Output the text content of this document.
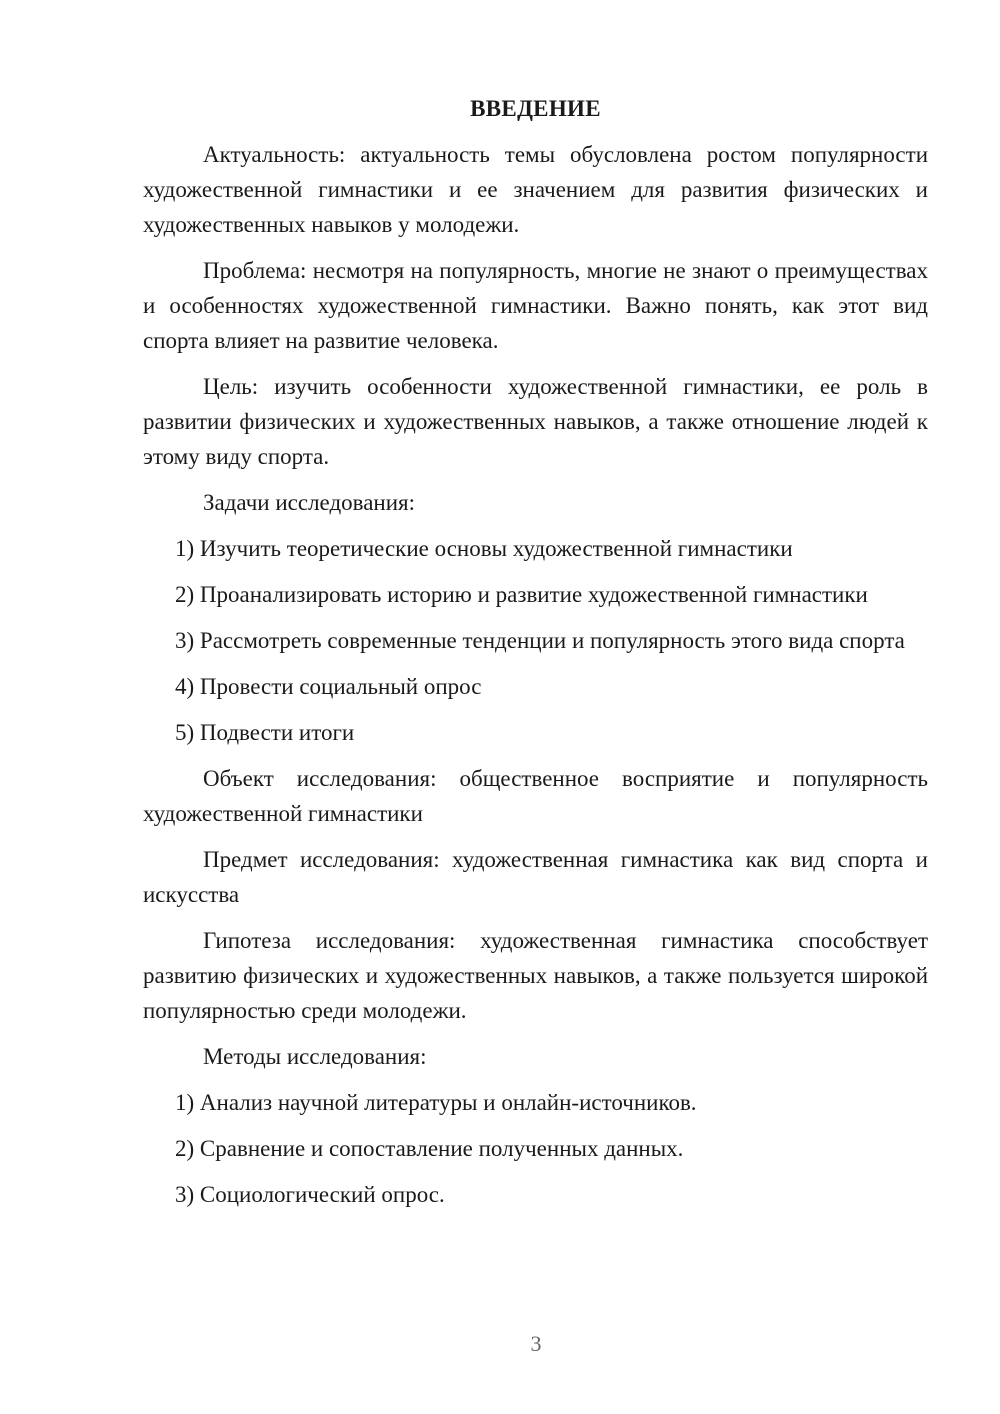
ВВЕДЕНИЕ

Актуальность: актуальность темы обусловлена ростом популярности художественной гимнастики и ее значением для развития физических и художественных навыков у молодежи.

Проблема: несмотря на популярность, многие не знают о преимуществах и особенностях художественной гимнастики. Важно понять, как этот вид спорта влияет на развитие человека.

Цель: изучить особенности художественной гимнастики, ее роль в развитии физических и художественных навыков, а также отношение людей к этому виду спорта.

Задачи исследования:

1) Изучить теоретические основы художественной гимнастики

2) Проанализировать историю и развитие художественной гимнастики

3) Рассмотреть современные тенденции и популярность этого вида спорта

4) Провести социальный опрос

5) Подвести итоги

Объект исследования: общественное восприятие и популярность художественной гимнастики

Предмет исследования: художественная гимнастика как вид спорта и искусства

Гипотеза исследования: художественная гимнастика способствует развитию физических и художественных навыков, а также пользуется широкой популярностью среди молодежи.

Методы исследования:

1) Анализ научной литературы и онлайн-источников.

2) Сравнение и сопоставление полученных данных.

3) Социологический опрос.

3
